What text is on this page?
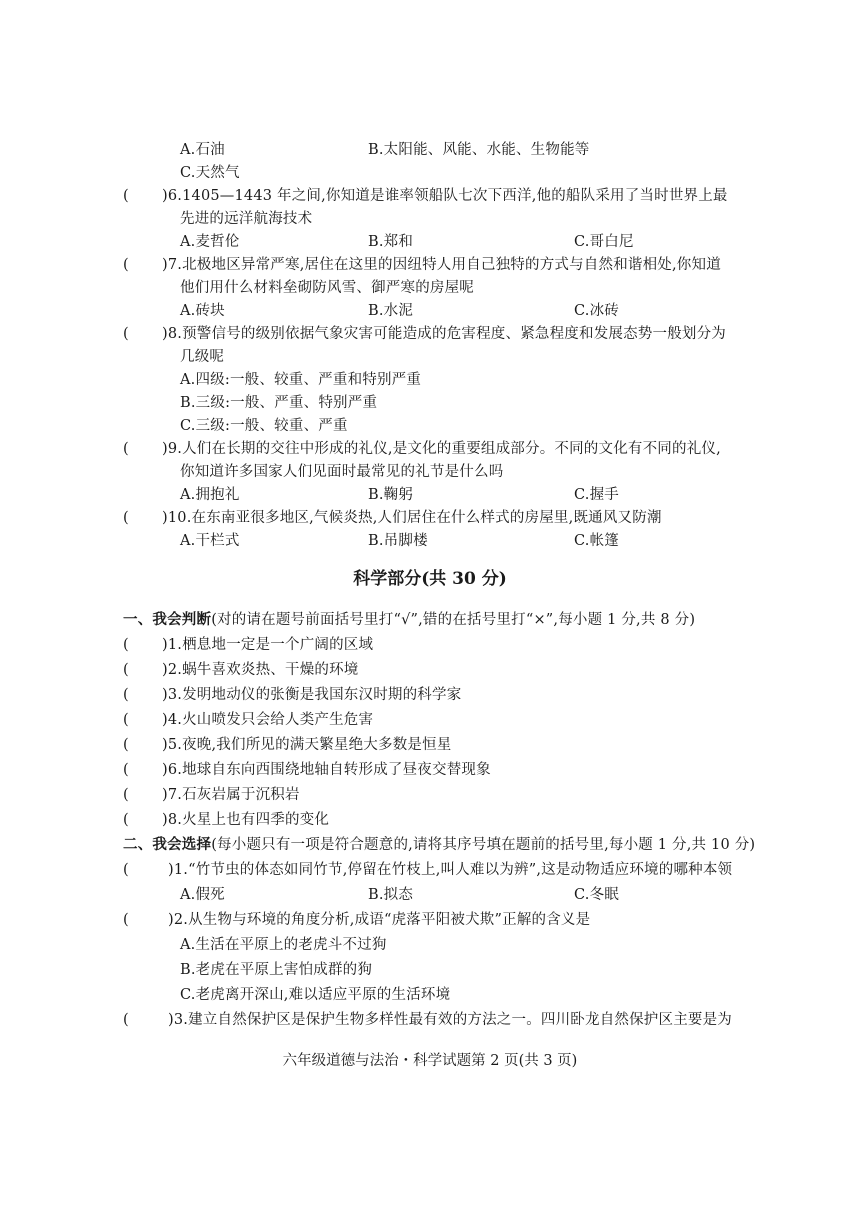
A.石油	B.太阳能、风能、水能、生物能等
C.天然气
( )6.1405—1443 年之间,你知道是谁率领船队七次下西洋,他的船队采用了当时世界上最
先进的远洋航海技术
A.麦哲伦	B.郑和	C.哥白尼
( )7.北极地区异常严寒,居住在这里的因纽特人用自己独特的方式与自然和谐相处,你知道
他们用什么材料垒砌防风雪、御严寒的房屋呢
A.砖块	B.水泥	C.冰砖
( )8.预警信号的级别依据气象灾害可能造成的危害程度、紧急程度和发展态势一般划分为
几级呢
A.四级:一般、较重、严重和特别严重
B.三级:一般、严重、特别严重
C.三级:一般、较重、严重
( )9.人们在长期的交往中形成的礼仪,是文化的重要组成部分。不同的文化有不同的礼仪,
你知道许多国家人们见面时最常见的礼节是什么吗
A.拥抱礼	B.鞠躬	C.握手
( )10.在东南亚很多地区,气候炎热,人们居住在什么样式的房屋里,既通风又防潮
A.干栏式	B.吊脚楼	C.帐篷
科学部分(共 30 分)
一、我会判断(对的请在题号前面括号里打“√”,错的在括号里打“×”,每小题 1 分,共 8 分)
( )1.栖息地一定是一个广阔的区域
( )2.蜗牛喜欢炎热、干燥的环境
( )3.发明地动仪的张衡是我国东汉时期的科学家
( )4.火山喷发只会给人类产生危害
( )5.夜晚,我们所见的满天繁星绝大多数是恒星
( )6.地球自东向西围绕地轴自转形成了昼夜交替现象
( )7.石灰岩属于沉积岩
( )8.火星上也有四季的变化
二、我会选择(每小题只有一项是符合题意的,请将其序号填在题前的括号里,每小题 1 分,共 10 分)
(	)1.“竹节虫的体态如同竹节,停留在竹枝上,叫人难以为辨”,这是动物适应环境的哪种本领
A.假死	B.拟态	C.冬眠
(	)2.从生物与环境的角度分析,成语“虎落平阳被犬欺”正解的含义是
A.生活在平原上的老虎斗不过狗
B.老虎在平原上害怕成群的狗
C.老虎离开深山,难以适应平原的生活环境
(	)3.建立自然保护区是保护生物多样性最有效的方法之一。四川卧龙自然保护区主要是为
六年级道德与法治・科学试题第 2 页(共 3 页)
